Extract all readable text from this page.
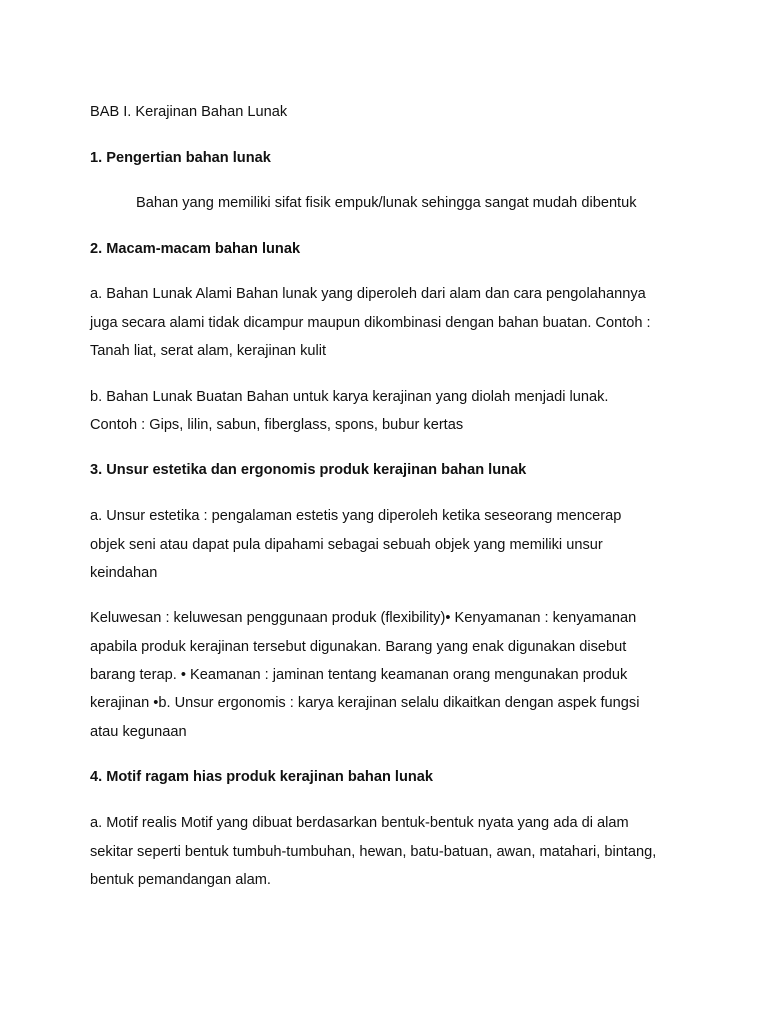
BAB I. Kerajinan Bahan Lunak

1. Pengertian bahan lunak

Bahan yang memiliki sifat fisik empuk/lunak sehingga sangat mudah dibentuk

2. Macam-macam bahan lunak

a. Bahan Lunak Alami Bahan lunak yang diperoleh dari alam dan cara pengolahannya

juga secara alami tidak dicampur maupun dikombinasi dengan bahan buatan. Contoh :

Tanah liat, serat alam, kerajinan kulit

b. Bahan Lunak Buatan Bahan untuk karya kerajinan yang diolah menjadi lunak.

Contoh : Gips, lilin, sabun, fiberglass, spons, bubur kertas

3. Unsur estetika dan ergonomis produk kerajinan bahan lunak

a. Unsur estetika : pengalaman estetis yang diperoleh ketika seseorang mencerap

objek seni atau dapat pula dipahami sebagai sebuah objek yang memiliki unsur

keindahan

Keluwesan : keluwesan penggunaan produk (flexibility)• Kenyamanan : kenyamanan

apabila produk kerajinan tersebut digunakan. Barang yang enak digunakan disebut

barang terap. • Keamanan : jaminan tentang keamanan orang mengunakan produk

kerajinan •b. Unsur ergonomis : karya kerajinan selalu dikaitkan dengan aspek fungsi

atau kegunaan

4. Motif ragam hias produk kerajinan bahan lunak

a. Motif realis Motif yang dibuat berdasarkan bentuk-bentuk nyata yang ada di alam

sekitar seperti bentuk tumbuh-tumbuhan, hewan, batu-batuan, awan, matahari, bintang,

bentuk pemandangan alam.
